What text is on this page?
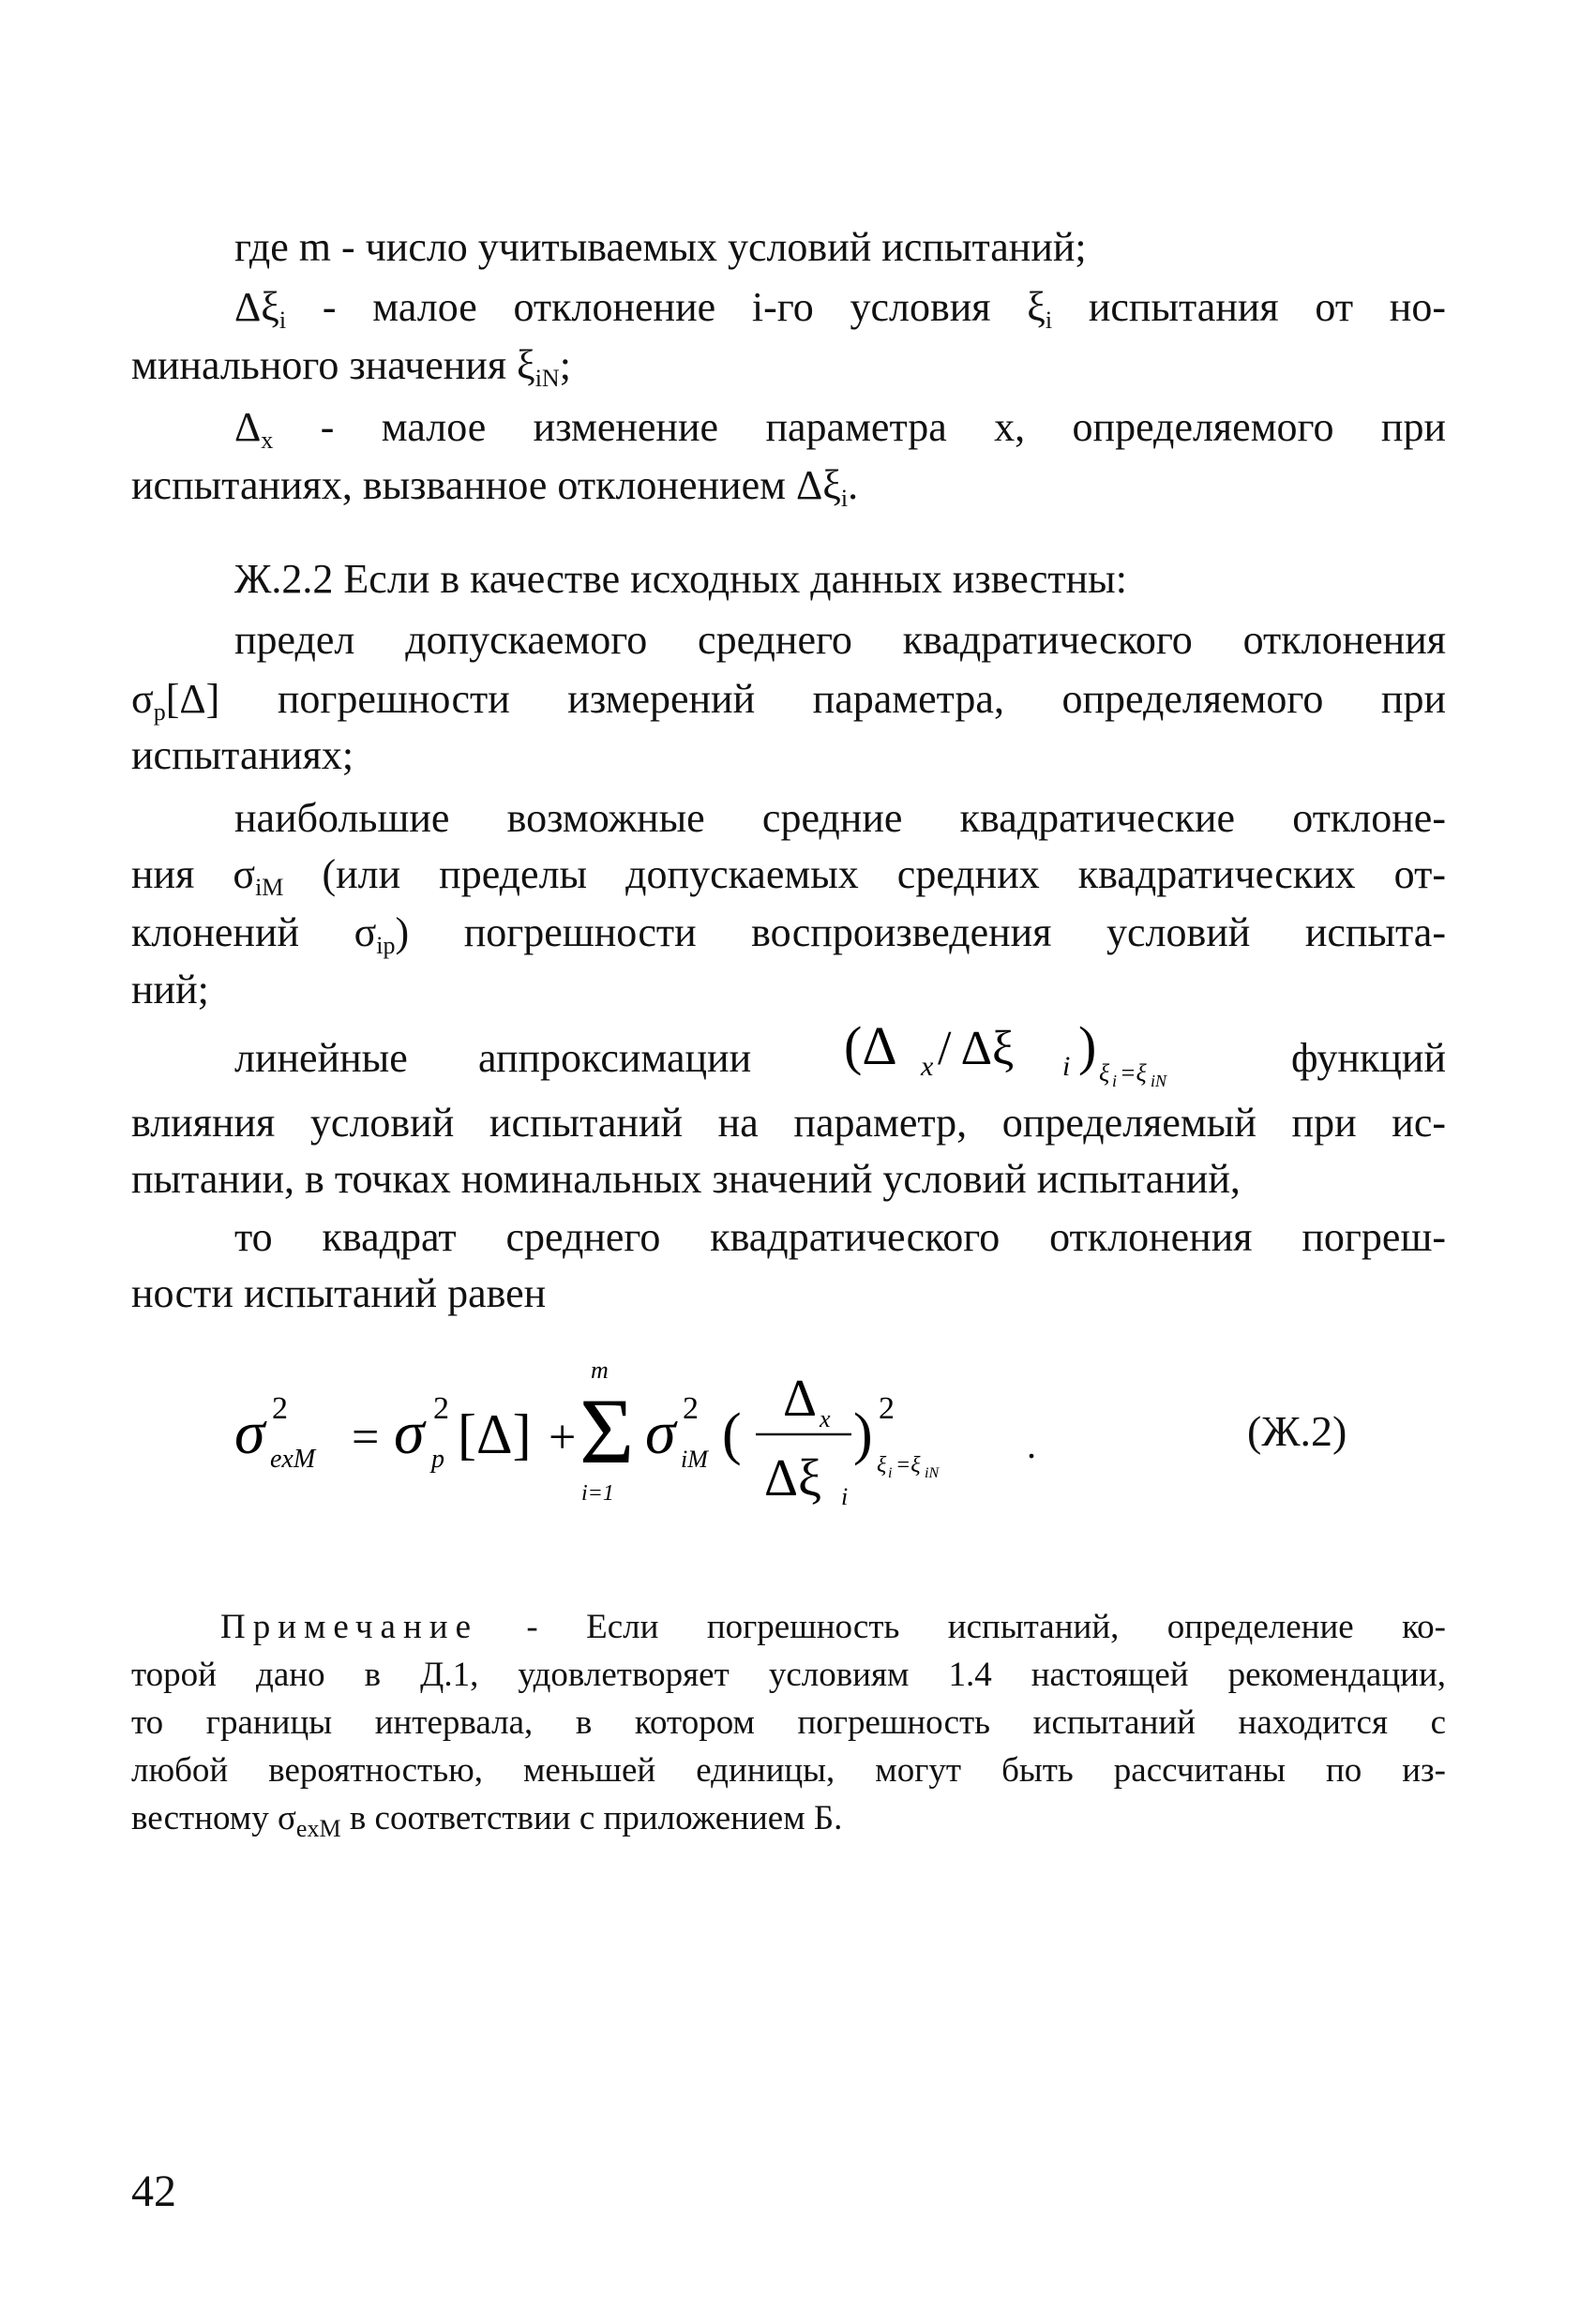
где m - число учитываемых условий испытаний;
$\Delta\xi_i$ - малое отклонение i-го условия $\xi_i$ испытания от но-
минального значения $\xi_{iN}$;
$\Delta_x$ - малое изменение параметра x, определяемого при
испытаниях, вызванное отклонением $\Delta\xi_i$.
Ж.2.2 Если в качестве исходных данных известны:
предел допускаемого среднего квадратического отклонения
$\sigma_p[\Delta]$ погрешности измерений параметра, определяемого при
испытаниях;
наибольшие возможные средние квадратические отклоне-
ния $\sigma_{iM}$ (или пределы допускаемых средних квадратических от-
клонений $\sigma_{ip}$) погрешности воспроизведения условий испыта-
ний;
линейные аппроксимации (Δ x / Δξ i ) ξ i =ξ iN	функций
влияния условий испытаний на параметр, определяемый при ис-
пытании, в точках номинальных значений условий испытаний,
то квадрат среднего квадратического отклонения погреш-
ности испытаний равен
σ 2
exM = σ 2
p [Δ] +
m
Σ
i=1
σ 2
iM (
Δ x
Δξ i
) 2
ξ i =ξ iN
.	(Ж.2)
Примечание - Если погрешность испытаний, определение ко-
торой дано в Д.1, удовлетворяет условиям 1.4 настоящей рекомендации,
то границы интервала, в котором погрешность испытаний находится с
любой вероятностью, меньшей единицы, могут быть рассчитаны по из-
вестному $\sigma_{exM}$ в соответствии с приложением Б.
42
